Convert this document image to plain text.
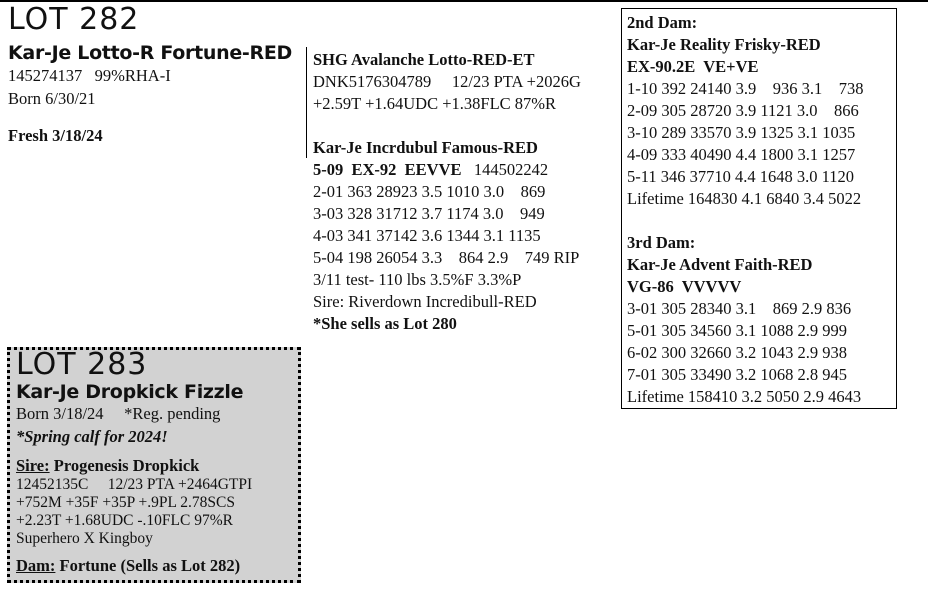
LOT 282
Kar-Je Lotto-R Fortune-RED
145274137   99%RHA-I
Born 6/30/21
Fresh 3/18/24
SHG Avalanche Lotto-RED-ET
DNK5176304789     12/23 PTA +2026G
+2.59T +1.64UDC +1.38FLC 87%R
Kar-Je Incrdubul Famous-RED
5-09  EX-92  EEVVE   144502242
2-01 363 28923 3.5 1010 3.0    869
3-03 328 31712 3.7 1174 3.0    949
4-03 341 37142 3.6 1344 3.1 1135
5-04 198 26054 3.3    864 2.9    749 RIP
3/11 test- 110 lbs 3.5%F 3.3%P
Sire: Riverdown Incredibull-RED
*She sells as Lot 280
2nd Dam:
Kar-Je Reality Frisky-RED
EX-90.2E  VE+VE
1-10 392 24140 3.9    936 3.1    738
2-09 305 28720 3.9 1121 3.0    866
3-10 289 33570 3.9 1325 3.1 1035
4-09 333 40490 4.4 1800 3.1 1257
5-11 346 37710 4.4 1648 3.0 1120
Lifetime 164830 4.1 6840 3.4 5022
3rd Dam:
Kar-Je Advent Faith-RED
VG-86  VVVVV
3-01 305 28340 3.1    869 2.9 836
5-01 305 34560 3.1 1088 2.9 999
6-02 300 32660 3.2 1043 2.9 938
7-01 305 33490 3.2 1068 2.8 945
Lifetime 158410 3.2 5050 2.9 4643
LOT 283
Kar-Je Dropkick Fizzle
Born 3/18/24     *Reg. pending
*Spring calf for 2024!
Sire: Progenesis Dropkick
12452135C     12/23 PTA +2464GTPI
+752M +35F +35P +.9PL 2.78SCS
+2.23T +1.68UDC -.10FLC 97%R
Superhero X Kingboy
Dam: Fortune (Sells as Lot 282)
